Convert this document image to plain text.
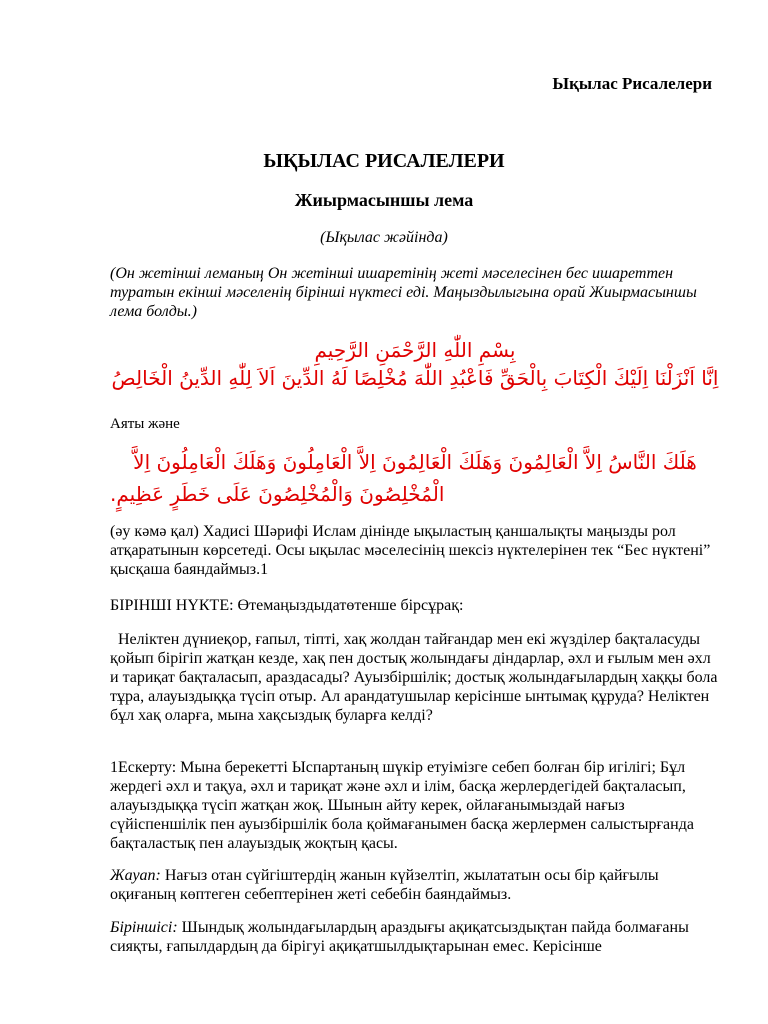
Ықылас Рисалелери
ЫҚЫЛАС РИСАЛЕЛЕРИ
Жиырмасыншы лема
(Ықылас жәйінда)
(Он жетінші леманың Он жетінші ишаретінің жеті мәселесінен бес ишареттен туратын екінші мәселенің бірінші нүктесі еді. Маңыздылыгына орай Жиырмасыншы лема болды.)
بِسْمِ اللّٰهِ الرَّحْمَنِ الرَّحِيمِ
اِنَّا اَنْزَلْنَا اِلَيْكَ الْكِتَابَ بِالْحَقِّ فَاعْبُدِ اللّٰهَ مُخْلِصًا لَهُ الدِّينَ اَلاَ لِلّٰهِ الدِّينُ الْخَالِصُ
Аяты және
هَلَكَ النَّاسُ اِلاَّ الْعَالِمُونَ وَهَلَكَ الْعَالِمُونَ اِلاَّ الْعَامِلُونَ وَهَلَكَ الْعَامِلُونَ اِلاَّ
الْمُخْلِصُونَ وَالْمُخْلِصُونَ عَلَى خَطَرٍ عَظِيمٍ.
(әу кәмә қал) Хадисі Шәрифі Ислам дінінде ықыластың қаншалықты маңызды рол атқаратынын көрсетеді. Осы ықылас мәселесінің шексіз нүктелерінен тек “Бес нүктені” қысқаша баяндаймыз.1
БІРІНШІ НҮКТЕ: Өтемаңыздыдатөтенше бірсұрақ:
Неліктен дүниеқор, ғапыл, тіпті, хақ жолдан тайғандар мен екі жүзділер бақталасуды қойып бірігіп жатқан кезде, хақ пен достық жолындағы діндарлар, әхл и ғылым мен әхл и тариқат бақталасып, араздасады? Ауызбіршілік; достық жолындағылардың хаққы бола тұра, алауыздыққа түсіп отыр. Ал арандатушылар керісінше ынтымақ құруда? Неліктен бұл хақ оларға, мына хақсыздық буларға келді?
1Ескерту: Мына берекетті Ыспартаның шүкір етуімізге себеп болған бір игілігі; Бұл жердегі әхл и тақуа, әхл и тариқат және әхл и ілім, басқа жерлердегідей бақталасып, алауыздыққа түсіп жатқан жоқ. Шынын айту керек, ойлағанымыздай нағыз сүйіспеншілік пен ауызбіршілік бола қоймағанымен басқа жерлермен салыстырғанда бақталастық пен алауыздық жоқтың қасы.
Жауап: Нағыз отан сүйгіштердің жанын күйзелтіп, жылататын осы бір қайғылы оқиғаның көптеген себептерінен жеті себебін баяндаймыз.
Біріншісі: Шындық жолындағылардың араздығы ақиқатсыздықтан пайда болмағаны сияқты, ғапылдардың да бірігуі ақиқатшылдықтарынан емес. Керісінше
